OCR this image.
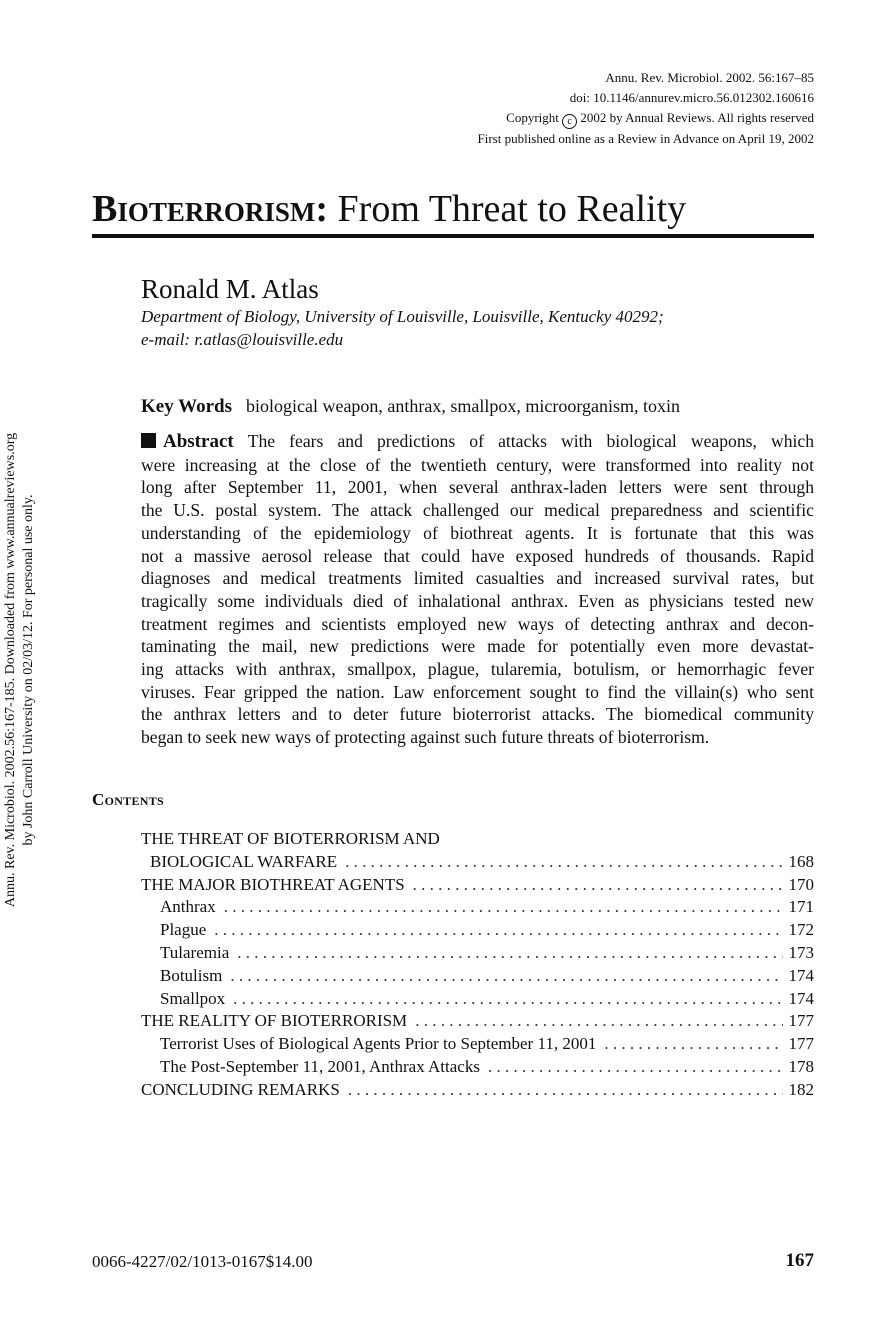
Annu. Rev. Microbiol. 2002. 56:167–85
doi: 10.1146/annurev.micro.56.012302.160616
Copyright c 2002 by Annual Reviews. All rights reserved
First published online as a Review in Advance on April 19, 2002
Bioterrorism: From Threat to Reality
Ronald M. Atlas
Department of Biology, University of Louisville, Louisville, Kentucky 40292;
e-mail: r.atlas@louisville.edu
Key Words biological weapon, anthrax, smallpox, microorganism, toxin
Abstract The fears and predictions of attacks with biological weapons, which
were increasing at the close of the twentieth century, were transformed into reality not
long after September 11, 2001, when several anthrax-laden letters were sent through
the U.S. postal system. The attack challenged our medical preparedness and scientific
understanding of the epidemiology of biothreat agents. It is fortunate that this was
not a massive aerosol release that could have exposed hundreds of thousands. Rapid
diagnoses and medical treatments limited casualties and increased survival rates, but
tragically some individuals died of inhalational anthrax. Even as physicians tested new
treatment regimes and scientists employed new ways of detecting anthrax and decon-
taminating the mail, new predictions were made for potentially even more devastat-
ing attacks with anthrax, smallpox, plague, tularemia, botulism, or hemorrhagic fever
viruses. Fear gripped the nation. Law enforcement sought to find the villain(s) who sent
the anthrax letters and to deter future bioterrorist attacks. The biomedical community
began to seek new ways of protecting against such future threats of bioterrorism.
Contents
THE THREAT OF BIOTERRORISM AND
BIOLOGICAL WARFARE . . .	168
THE MAJOR BIOTHREAT AGENTS . . .	170
Anthrax . . .	171
Plague . . .	172
Tularemia . . .	173
Botulism . . .	174
Smallpox . . .	174
THE REALITY OF BIOTERRORISM . . .	177
Terrorist Uses of Biological Agents Prior to September 11, 2001 . . .	177
The Post-September 11, 2001, Anthrax Attacks . . .	178
CONCLUDING REMARKS . . .	182
0066-4227/02/1013-0167$14.00	167
Annu. Rev. Microbiol. 2002.56:167-185. Downloaded from www.annualreviews.org by John Carroll University on 02/03/12. For personal use only.
